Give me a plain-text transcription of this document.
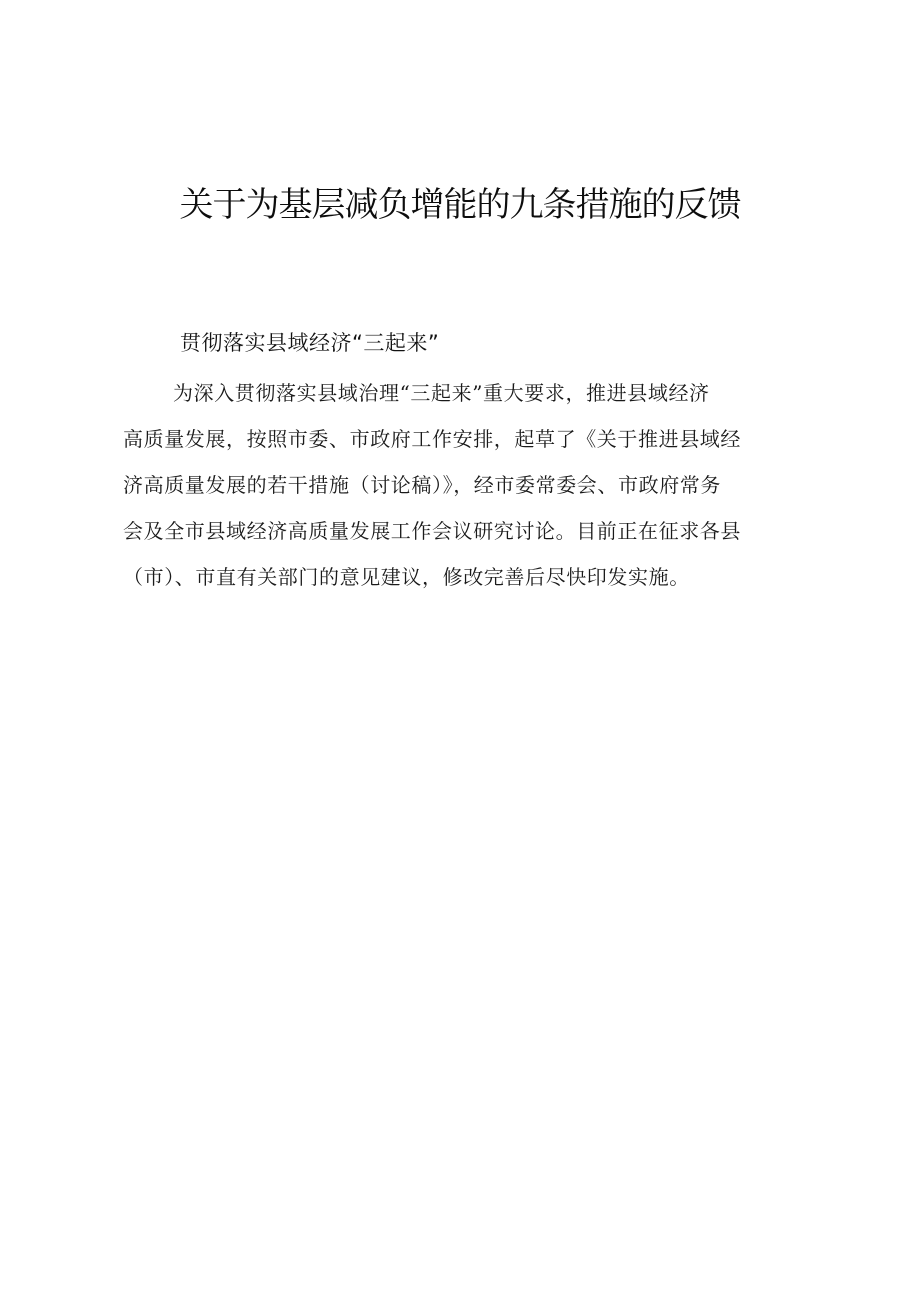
关于为基层减负增能的九条措施的反馈
贯彻落实县域经济“三起来”
为深入贯彻落实县域治理“三起来”重大要求，推进县域经济
高质量发展，按照市委、市政府工作安排，起草了《关于推进县域经
济高质量发展的若干措施（讨论稿）》，经市委常委会、市政府常务
会及全市县域经济高质量发展工作会议研究讨论。目前正在征求各县
（市）、市直有关部门的意见建议，修改完善后尽快印发实施。
